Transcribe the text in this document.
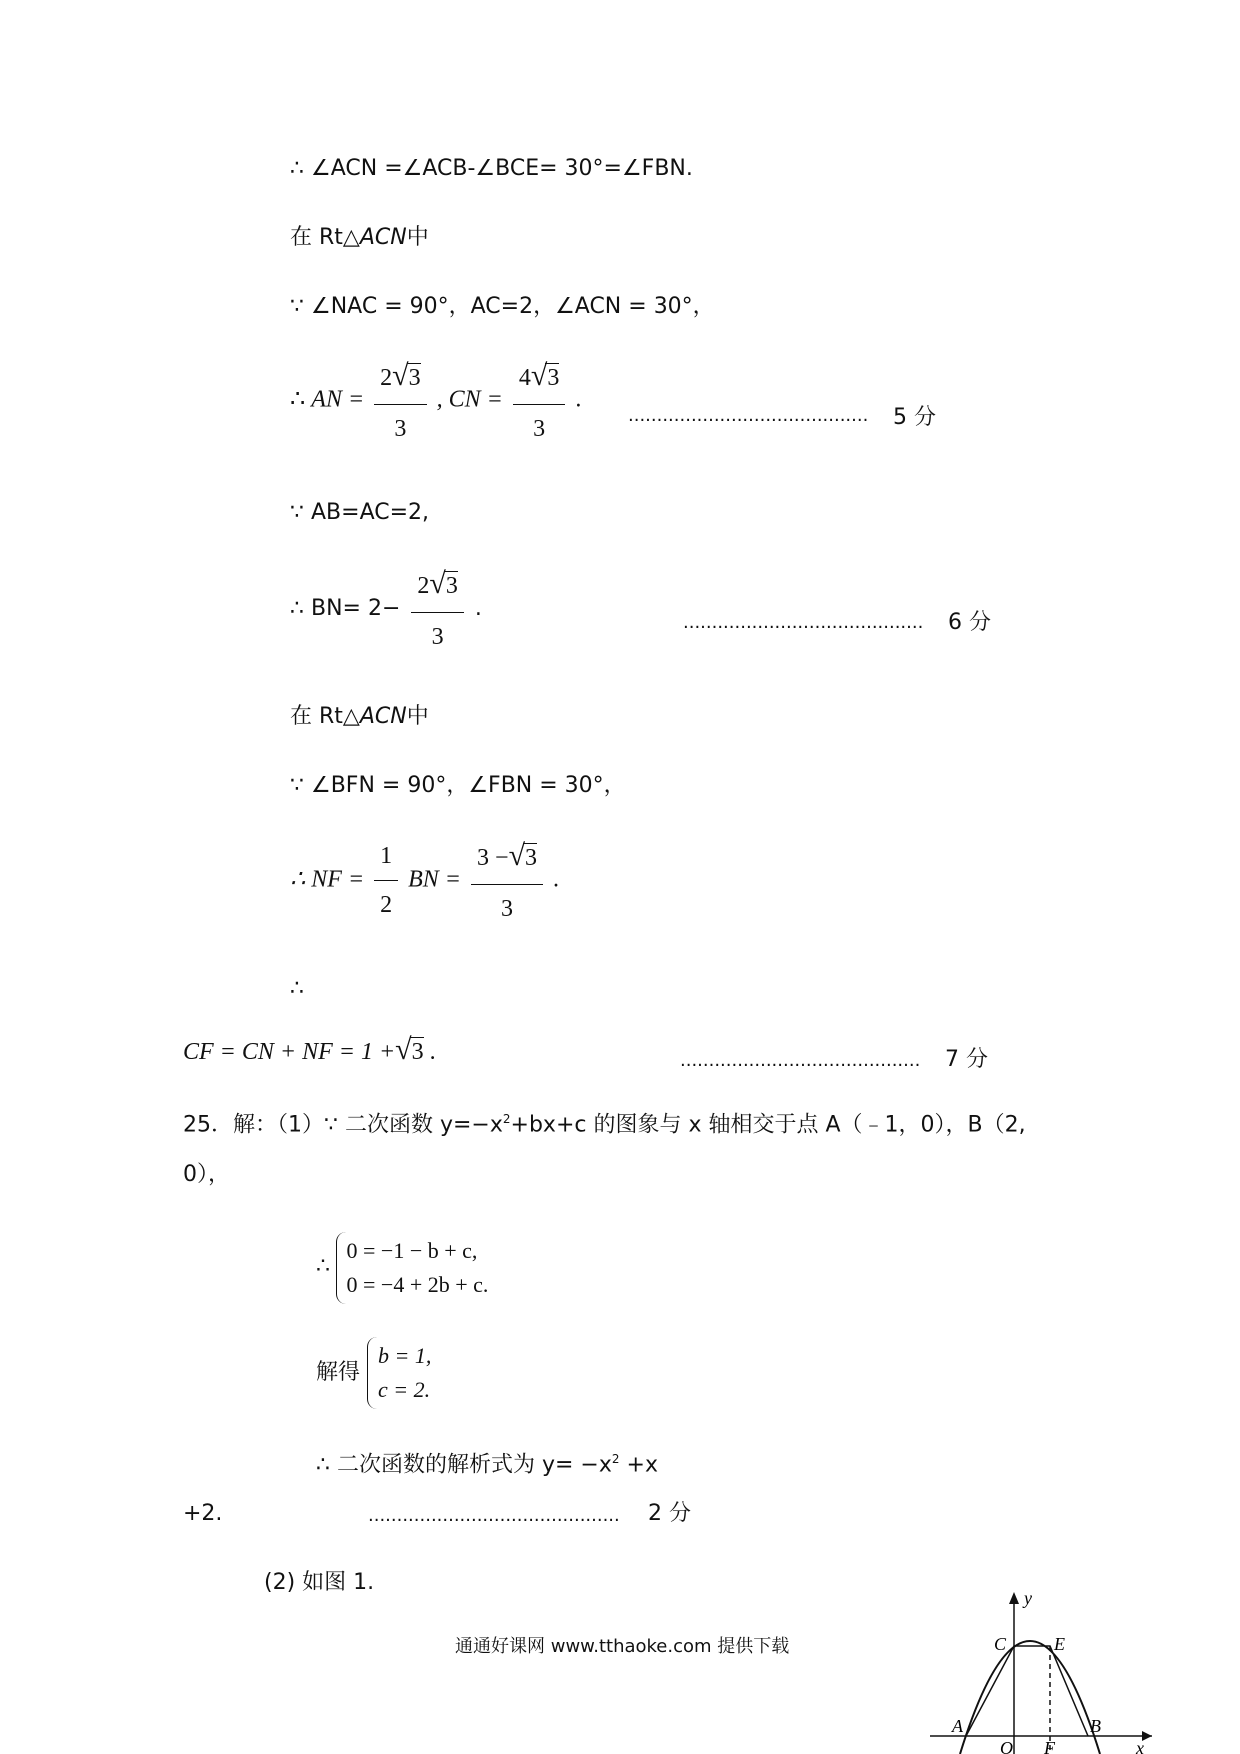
∴ ∠ACN =∠ACB-∠BCE= 30°=∠FBN.
在 Rt△ACN中
∵ ∠NAC = 90°，AC=2，∠ACN = 30°，
∴ AN = $\frac{2√3}{3}$ , CN = $\frac{4√3}{3}$ .
.......................................... 5 分
∵ AB=AC=2,
∴ $BN= 2- \frac{2√3}{3}$ .
.......................................... 6 分
在 Rt△ACN中
∵ ∠BFN = 90°，∠FBN = 30°，
∴ NF = $\frac{1}{2}$ BN = $\frac{3 -√3}{3}$ .
∴
CF = CN + NF = 1 +√3 .	.......................................... 7 分
25．解：（1）∵ 二次函数 $y=-x^2+bx+c$ 的图象与 x 轴相交于点 A（﹣1，0），B（2,
0），
∴
0 = −1 − b + c,
0 = −4 + 2b + c.
解得
b = 1,
c = 2.
∴ 二次函数的解析式为 $y= -x^2 +x$
+2.	............................................ 2 分
(2) 如图 1.
通通好课网 www.tthaoke.com 提供下载
y
x
C	E
A	B
O F
